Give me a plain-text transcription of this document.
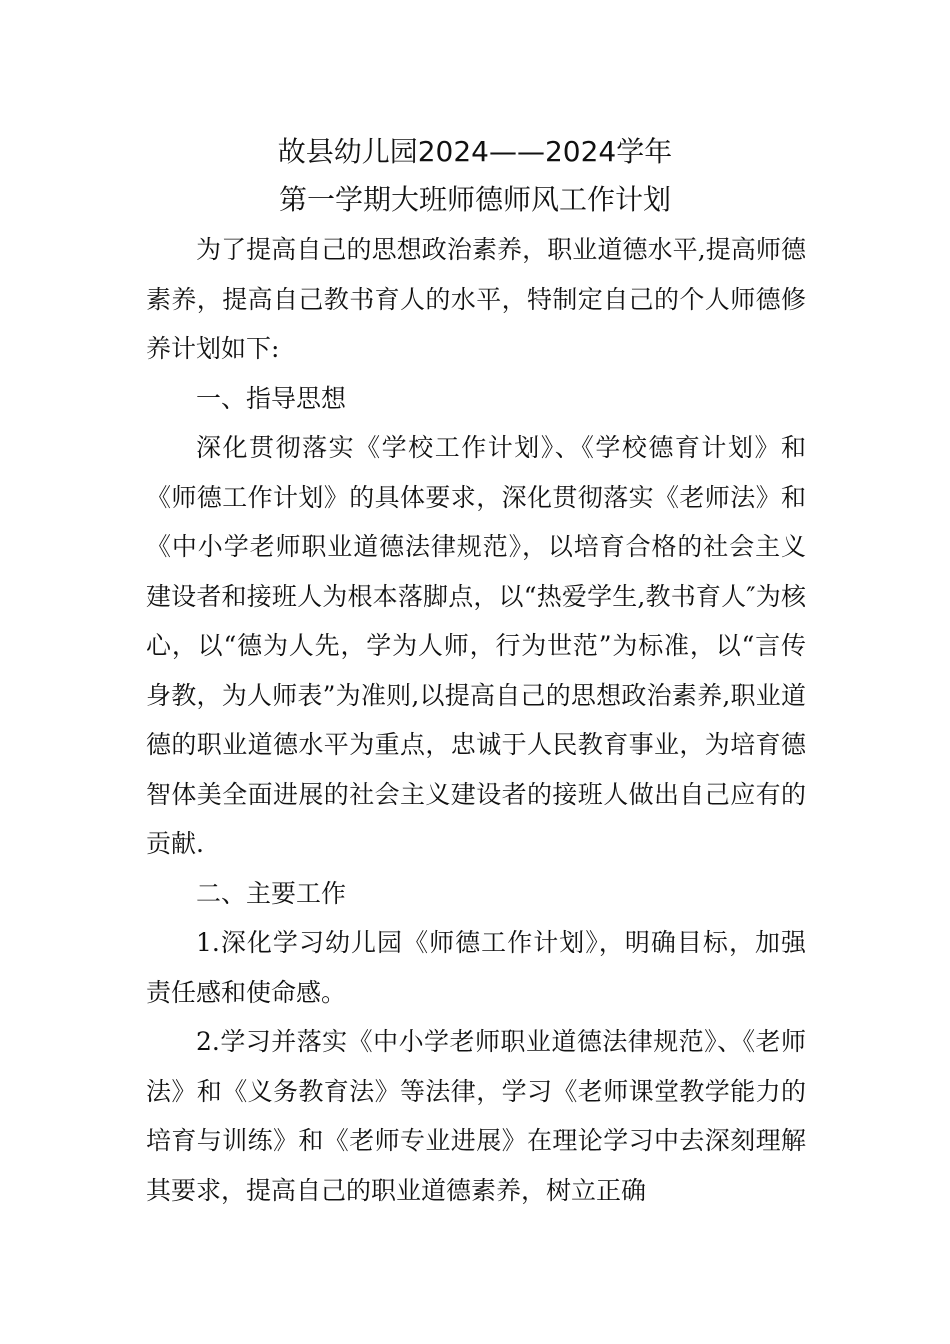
故县幼儿园2024——2024学年
第一学期大班师德师风工作计划

为了提高自己的思想政治素养，职业道德水平,提高师德素养，提高自己教书育人的水平，特制定自己的个人师德修养计划如下:

一、指导思想

深化贯彻落实《学校工作计划》、《学校德育计划》和《师德工作计划》的具体要求，深化贯彻落实《老师法》和《中小学老师职业道德法律规范》，以培育合格的社会主义建设者和接班人为根本落脚点，以“热爱学生,教书育人″为核心，以“德为人先，学为人师，行为世范”为标准，以“言传身教，为人师表”为准则,以提高自己的思想政治素养,职业道德的职业道德水平为重点，忠诚于人民教育事业，为培育德智体美全面进展的社会主义建设者的接班人做出自己应有的贡献.

二、主要工作

1.深化学习幼儿园《师德工作计划》，明确目标，加强责任感和使命感。

2.学习并落实《中小学老师职业道德法律规范》、《老师法》和《义务教育法》等法律，学习《老师课堂教学能力的培育与训练》和《老师专业进展》在理论学习中去深刻理解其要求，提高自己的职业道德素养，树立正确
